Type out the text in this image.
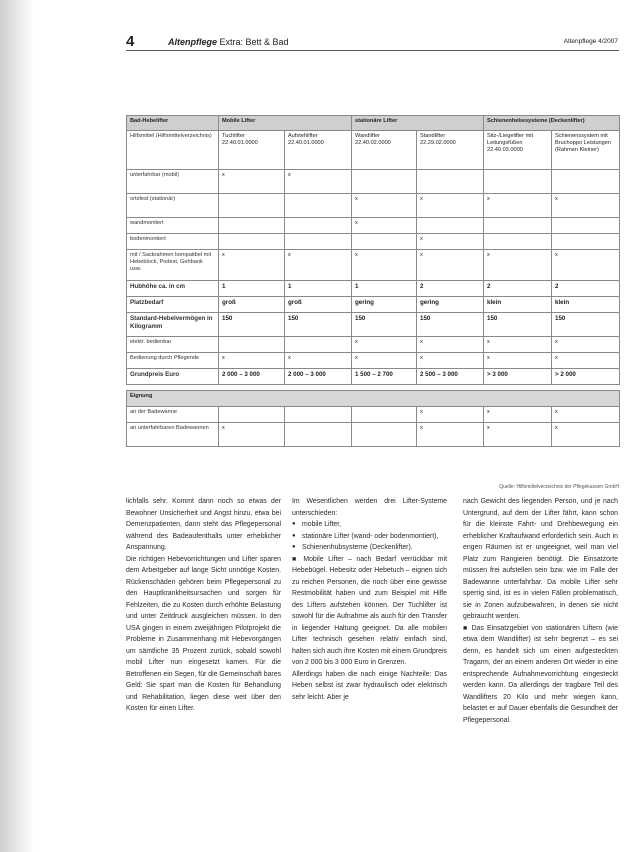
4	Altenpflege Extra: Bett & Bad	Altenpflege 4/2007
Bad-Hebelifter	Mobile Lifter		stationäre Lifter		Schienenhebesysteme (Deckenlifter)	
Hilfsmittel (Hilfsmittelverzeichnis)	Tuchlifter 22.40.01.0000	Aufstehlifter 22.40.01.0000	Wandlifter 22.40.02.0000	Standlifter 22.29.02.0000	Sitz-/Liegelifter mit Leitungsfüßen 22.40.03.0000	Schienenssystem mit Bruchoppo Leistungen (Rahmen Kleiner)
unterfahrbar (mobil)	x	x				
ortsfest (stationär)			x	x	x	x
wandmontiert			x			
bodenmontiert				x		
mit / Sackrahmen kompatibel mit Hebeblock, Podest, Gehbank usw.	x	x	x	x	x	x
Hubhöhe ca. in cm	1	1	1	2	2	2
Platzbedarf	groß	groß	gering	gering	klein	klein
Standard-Hebelvermögen in Kilogramm	150	150	150	150	150	150
elektr. bedienbar			x	x	x	x
Bedienung durch Pflegende	x	x	x	x	x	x
Grundpreis Euro	2 000 – 3 000	2 000 – 3 000	1 500 – 2 700	2 500 – 3 000	> 3 000	> 2 000

Eignung						
an der Badewanne				x	x	x
an unterfahrbaren Badewannen	x			x	x	x
Quelle: Hilfsmittelverzeichnis der Pflegekassen GmbH

lichfalls sehr. Kommt dann noch so etwas der Bewohner Unsicherheit und Angst hinzu, etwa bei Demenzpatienten, dann steht das Pflegepersonal während des Badeaufenthalts unter erheblicher Anspannung.

Die richtigen Hebevorrichtungen und Lifter sparen dem Arbeitgeber auf lange Sicht unnötige Kosten. Rückenschäden gehören beim Pflegepersonal zu den Hauptkrankheitsursachen und sorgen für Fehlzeiten, die zu Kosten durch erhöhte Belastung und unter Zeitdruck ausgleichen müssen. In den USA gingen in einem zweijährigen Pilotprojekt die Probleme in Zusammenhang mit Hebevorgängen um sämtliche 35 Prozent zurück, sobald sowohl mobil Lifter nun eingesetzt kamen. Für die Betroffenen ein Segen, für die Gemeinschaft bares Geld: Sie spart man die Kosten für Behandlung und Rehabilitation, liegen diese weit über den Kosten für einen Lifter.

Im Wesentlichen werden drei Lifter-Systeme unterschieden:

● mobile Lifter,
● stationäre Lifter (wand- oder bodenmontiert),
● Schienenhubsysteme (Deckenlifter).

■ Mobile Lifter – nach Bedarf verrückbar mit Hebebügel. Hebesitz oder Hebetuch – eignen sich zu reichen Personen, die noch über eine gewisse Restmobilität haben und zum Beispiel mit Hilfe des Lifters aufstehen können. Der Tuchlifter ist sowohl für die Aufnahme als auch für den Transfer in liegender Haltung geeignet. Da alle mobilen Lifter technisch gesehen relativ einfach sind, halten sich auch ihre Kosten mit einem Grundpreis von 2 000 bis 3 000 Euro in Grenzen.

Allerdings haben die nach einige Nachteile: Das Heben selbst ist zwar hydraulisch oder elektrisch sehr leicht. Aber je

nach Gewicht des liegenden Person, und je nach Untergrund, auf dem der Lifter fährt, kann schon für die kleinste Fahrt- und Drehbewegung ein erheblicher Kraftaufwand erforderlich sein. Auch in engen Räumen ist er ungeeignet, weil man viel Platz zum Rangieren benötigt. Die Einsatzorte müssen frei aufstellen sein bzw. wie im Falle der Badewanne unterfahrbar. Da mobile Lifter sehr sperrig sind, ist es in vielen Fällen problematisch, sie in Zonen aufzubewahren, in denen sie nicht gebraucht werden.

■ Das Einsatzgebiet von stationären Liftern (wie etwa dem Wandlifter) ist sehr begrenzt – es sei denn, es handelt sich um einen aufgesteckten Tragarm, der an einem anderen Ort wieder in eine entsprechende Aufnahmevorrichtung eingesteckt werden kann. Da allerdings der tragbare Teil des Wandlifters 20 Kilo und mehr wiegen kann, belastet er auf Dauer ebenfalls die Gesundheit der Pflegepersonal.
